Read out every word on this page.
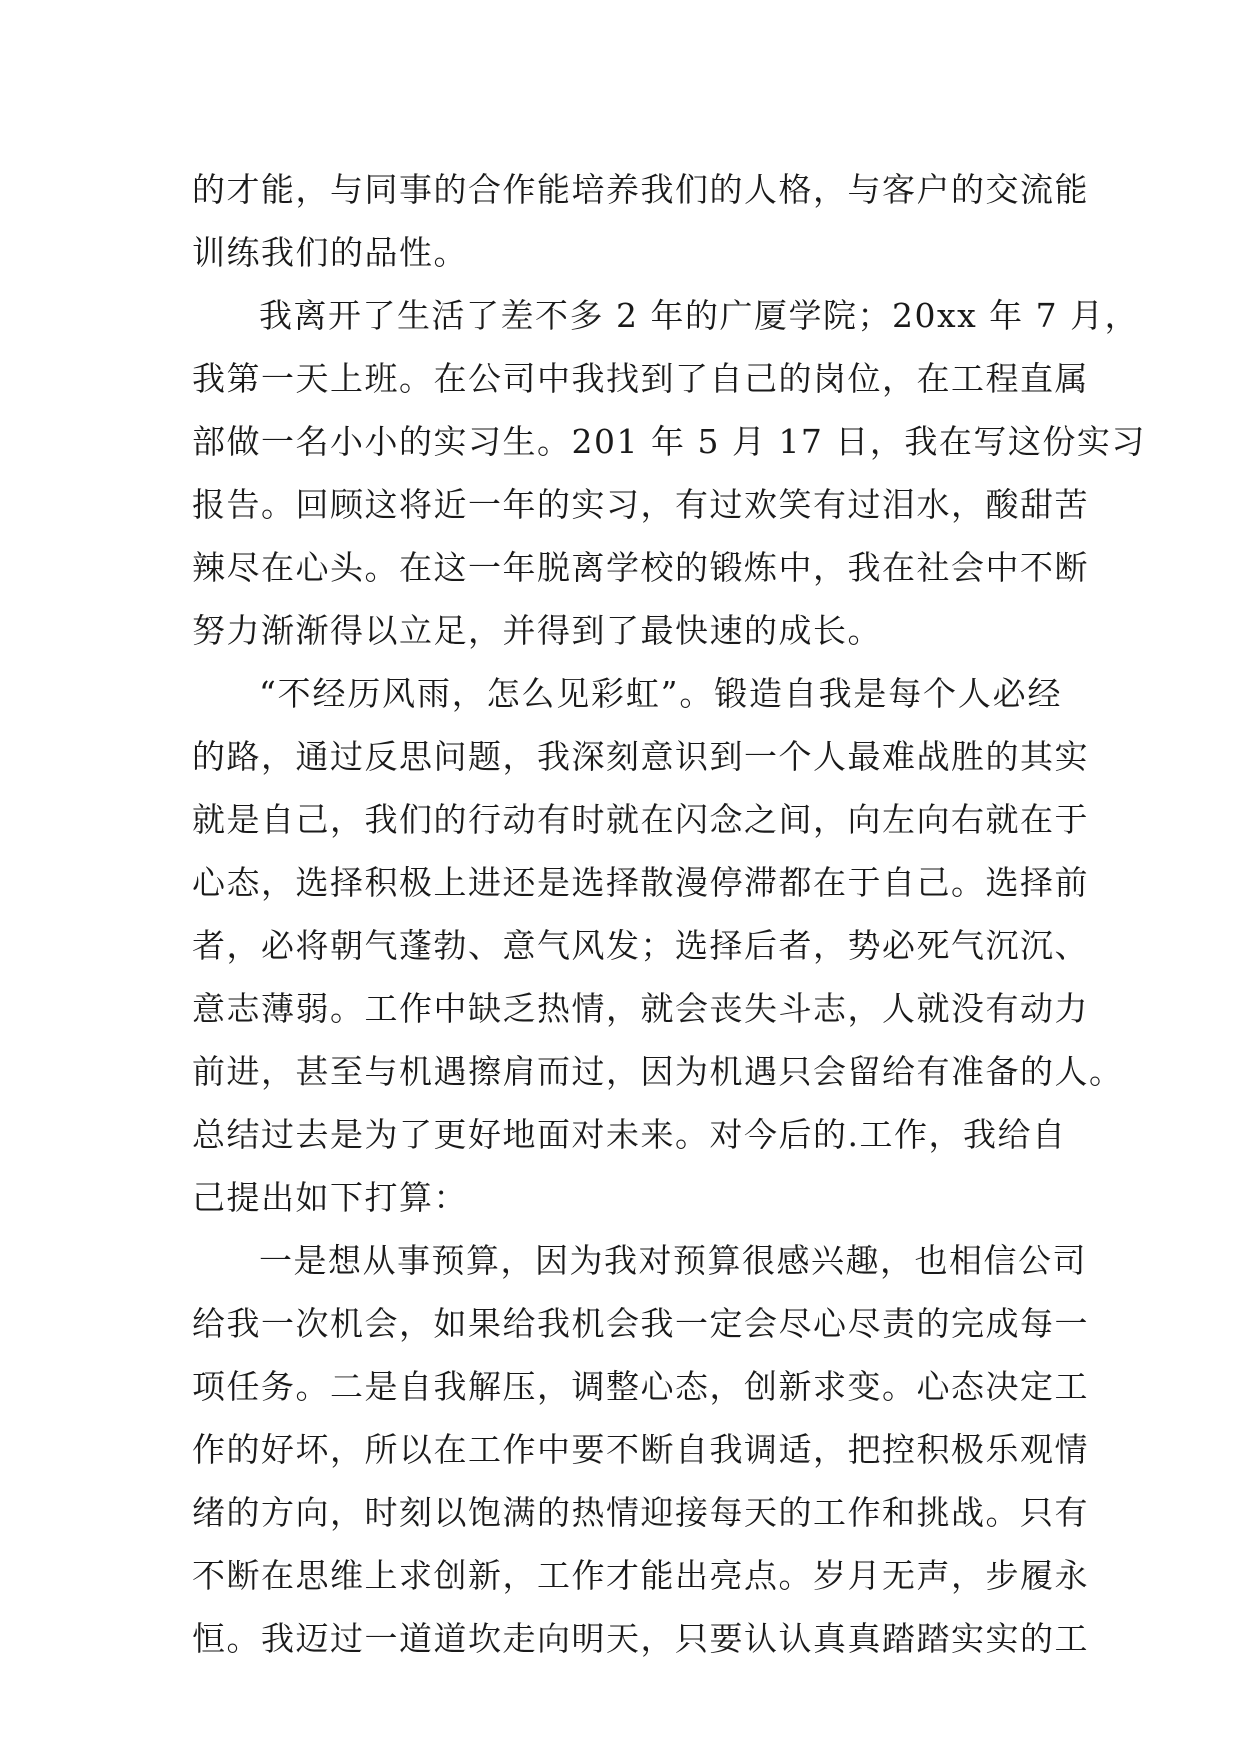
的才能，与同事的合作能培养我们的人格，与客户的交流能
训练我们的品性。
我离开了生活了差不多 2 年的广厦学院；20xx 年 7 月，
我第一天上班。在公司中我找到了自己的岗位，在工程直属
部做一名小小的实习生。201 年 5 月 17 日，我在写这份实习
报告。回顾这将近一年的实习，有过欢笑有过泪水，酸甜苦
辣尽在心头。在这一年脱离学校的锻炼中，我在社会中不断
努力渐渐得以立足，并得到了最快速的成长。
“不经历风雨，怎么见彩虹”。锻造自我是每个人必经
的路，通过反思问题，我深刻意识到一个人最难战胜的其实
就是自己，我们的行动有时就在闪念之间，向左向右就在于
心态，选择积极上进还是选择散漫停滞都在于自己。选择前
者，必将朝气蓬勃、意气风发；选择后者，势必死气沉沉、
意志薄弱。工作中缺乏热情，就会丧失斗志，人就没有动力
前进，甚至与机遇擦肩而过，因为机遇只会留给有准备的人。
总结过去是为了更好地面对未来。对今后的.工作，我给自
己提出如下打算：
一是想从事预算，因为我对预算很感兴趣，也相信公司
给我一次机会，如果给我机会我一定会尽心尽责的完成每一
项任务。二是自我解压，调整心态，创新求变。心态决定工
作的好坏，所以在工作中要不断自我调适，把控积极乐观情
绪的方向，时刻以饱满的热情迎接每天的工作和挑战。只有
不断在思维上求创新，工作才能出亮点。岁月无声，步履永
恒。我迈过一道道坎走向明天，只要认认真真踏踏实实的工
